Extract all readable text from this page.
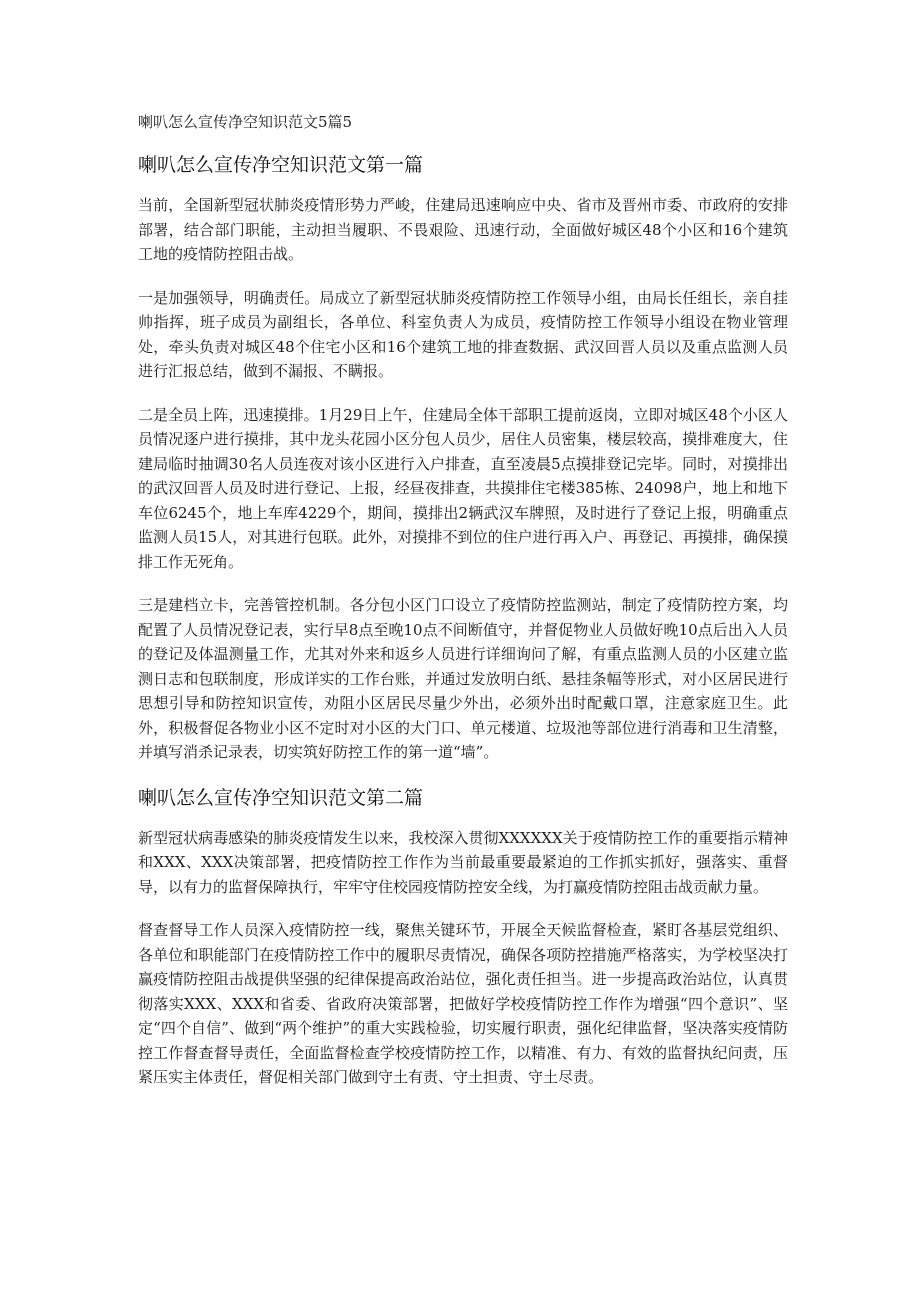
喇叭怎么宣传净空知识范文5篇5
喇叭怎么宣传净空知识范文第一篇

当前，全国新型冠状肺炎疫情形势力严峻，住建局迅速响应中央、省市及晋州市委、市政府的安排部署，结合部门职能，主动担当履职、不畏艰险、迅速行动，全面做好城区48个小区和16个建筑工地的疫情防控阻击战。

一是加强领导，明确责任。局成立了新型冠状肺炎疫情防控工作领导小组，由局长任组长，亲自挂帅指挥，班子成员为副组长，各单位、科室负责人为成员，疫情防控工作领导小组设在物业管理处，牵头负责对城区48个住宅小区和16个建筑工地的排查数据、武汉回晋人员以及重点监测人员进行汇报总结，做到不漏报、不瞒报。

二是全员上阵，迅速摸排。1月29日上午，住建局全体干部职工提前返岗，立即对城区48个小区人员情况逐户进行摸排，其中龙头花园小区分包人员少，居住人员密集，楼层较高，摸排难度大，住建局临时抽调30名人员连夜对该小区进行入户排查，直至凌晨5点摸排登记完毕。同时，对摸排出的武汉回晋人员及时进行登记、上报，经昼夜排查，共摸排住宅楼385栋、24098户，地上和地下车位6245个，地上车库4229个，期间，摸排出2辆武汉车牌照，及时进行了登记上报，明确重点监测人员15人，对其进行包联。此外，对摸排不到位的住户进行再入户、再登记、再摸排，确保摸排工作无死角。

三是建档立卡，完善管控机制。各分包小区门口设立了疫情防控监测站，制定了疫情防控方案，均配置了人员情况登记表，实行早8点至晚10点不间断值守，并督促物业人员做好晚10点后出入人员的登记及体温测量工作，尤其对外来和返乡人员进行详细询问了解，有重点监测人员的小区建立监测日志和包联制度，形成详实的工作台账，并通过发放明白纸、悬挂条幅等形式，对小区居民进行思想引导和防控知识宣传，劝阻小区居民尽量少外出，必须外出时配戴口罩，注意家庭卫生。此外，积极督促各物业小区不定时对小区的大门口、单元楼道、垃圾池等部位进行消毒和卫生清整，并填写消杀记录表，切实筑好防控工作的第一道“墙”。

喇叭怎么宣传净空知识范文第二篇

新型冠状病毒感染的肺炎疫情发生以来，我校深入贯彻XXXXXX关于疫情防控工作的重要指示精神和XXX、XXX决策部署，把疫情防控工作作为当前最重要最紧迫的工作抓实抓好，强落实、重督导，以有力的监督保障执行，牢牢守住校园疫情防控安全线，为打赢疫情防控阻击战贡献力量。

督查督导工作人员深入疫情防控一线，聚焦关键环节，开展全天候监督检查，紧盯各基层党组织、各单位和职能部门在疫情防控工作中的履职尽责情况，确保各项防控措施严格落实，为学校坚决打赢疫情防控阻击战提供坚强的纪律保提高政治站位，强化责任担当。进一步提高政治站位，认真贯彻落实XXX、XXX和省委、省政府决策部署，把做好学校疫情防控工作作为增强“四个意识”、坚定“四个自信”、做到“两个维护”的重大实践检验，切实履行职责，强化纪律监督，坚决落实疫情防控工作督查督导责任，全面监督检查学校疫情防控工作，以精准、有力、有效的监督执纪问责，压紧压实主体责任，督促相关部门做到守土有责、守土担责、守土尽责。
